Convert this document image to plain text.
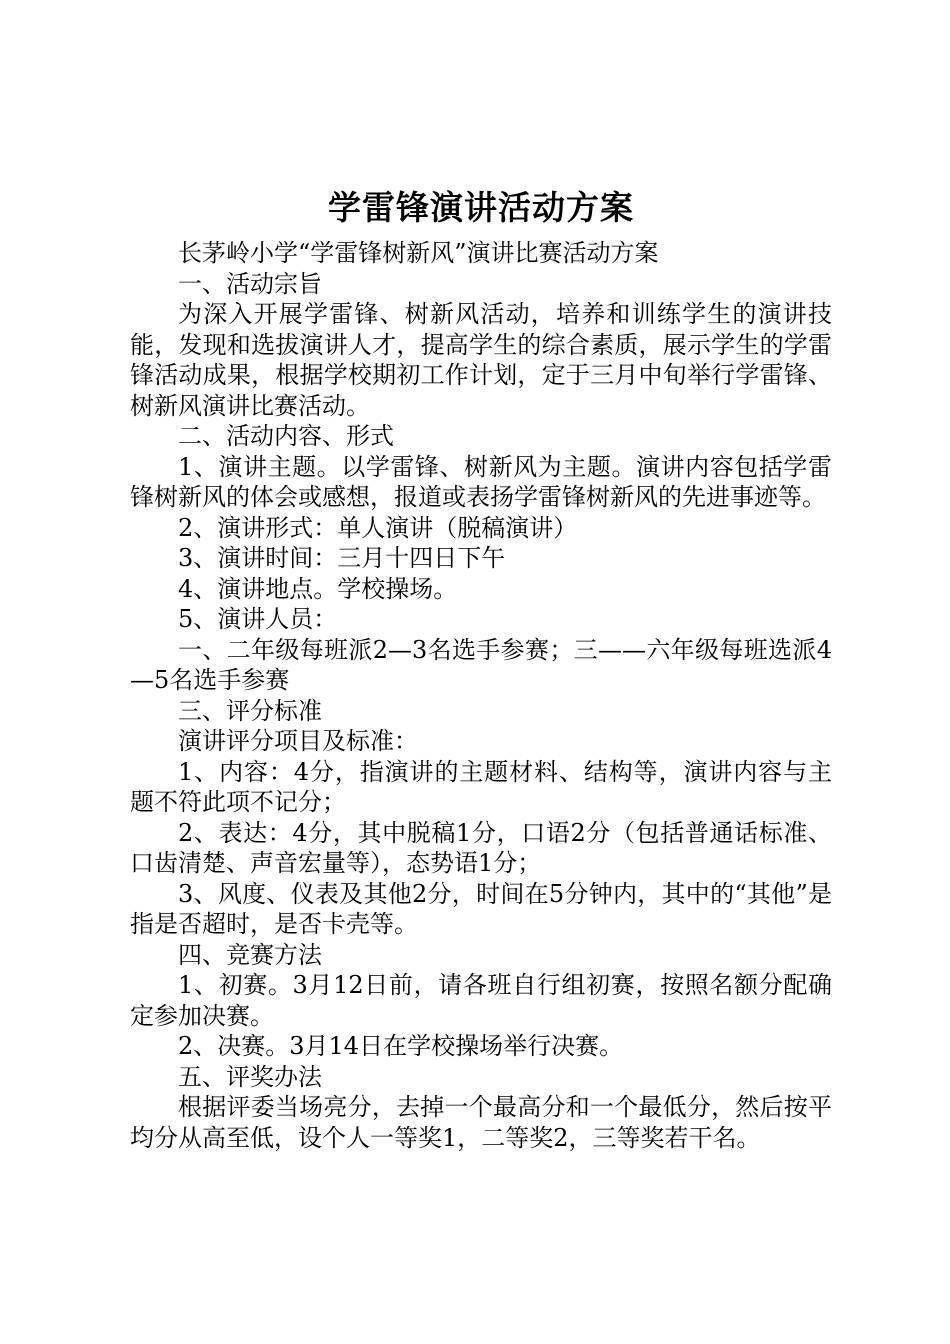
学雷锋演讲活动方案

长茅岭小学“学雷锋树新风”演讲比赛活动方案

一、活动宗旨

为深入开展学雷锋、树新风活动，培养和训练学生的演讲技能，发现和选拔演讲人才，提高学生的综合素质，展示学生的学雷锋活动成果，根据学校期初工作计划，定于三月中旬举行学雷锋、树新风演讲比赛活动。

二、活动内容、形式

1、演讲主题。以学雷锋、树新风为主题。演讲内容包括学雷锋树新风的体会或感想，报道或表扬学雷锋树新风的先进事迹等。

2、演讲形式：单人演讲（脱稿演讲）

3、演讲时间：三月十四日下午

4、演讲地点。学校操场。

5、演讲人员：

一、二年级每班派2—3名选手参赛；三——六年级每班选派4—5名选手参赛

三、评分标准

演讲评分项目及标准：

1、内容：4分，指演讲的主题材料、结构等，演讲内容与主题不符此项不记分；

2、表达：4分，其中脱稿1分，口语2分（包括普通话标准、口齿清楚、声音宏量等），态势语1分；

3、风度、仪表及其他2分，时间在5分钟内，其中的“其他”是指是否超时，是否卡壳等。

四、竞赛方法

1、初赛。3月12日前，请各班自行组初赛，按照名额分配确定参加决赛。

2、决赛。3月14日在学校操场举行决赛。

五、评奖办法

根据评委当场亮分，去掉一个最高分和一个最低分，然后按平均分从高至低，设个人一等奖1，二等奖2，三等奖若干名。
